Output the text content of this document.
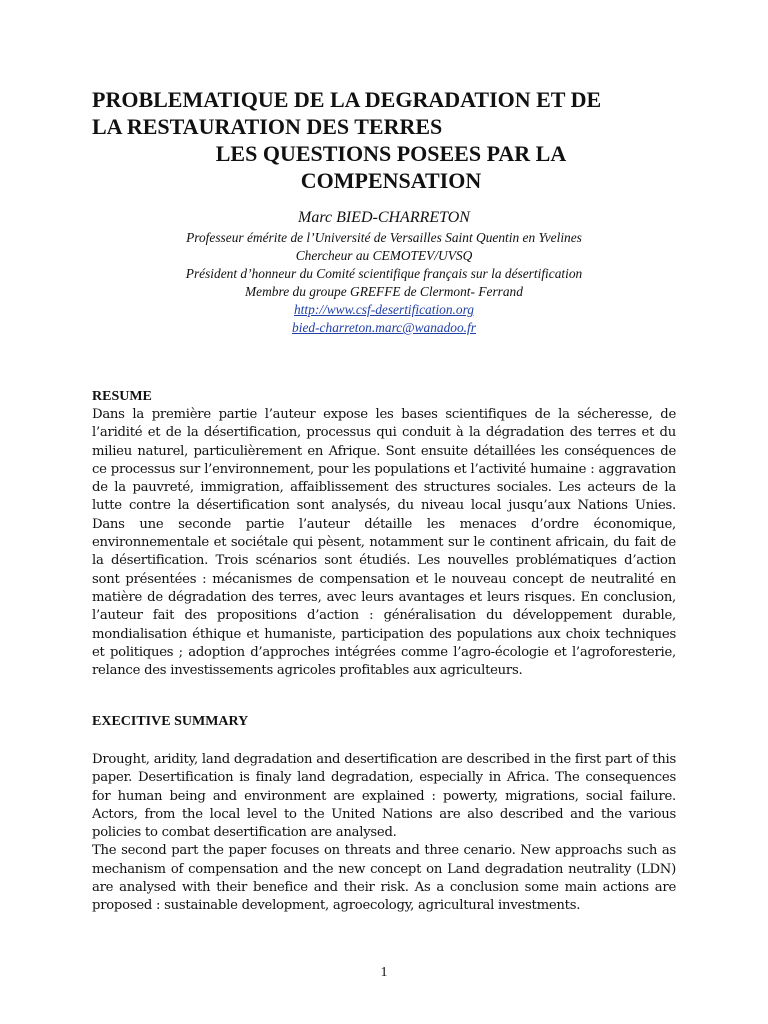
PROBLEMATIQUE DE LA DEGRADATION ET DE
LA RESTAURATION DES TERRES
LES QUESTIONS POSEES PAR LA
COMPENSATION
Marc BIED-CHARRETON
Professeur émérite de l’Université de Versailles Saint Quentin en Yvelines
Chercheur au CEMOTEV/UVSQ
Président d’honneur du Comité scientifique français sur la désertification
Membre du groupe GREFFE de Clermont- Ferrand
http://www.csf-desertification.org
bied-charreton.marc@wanadoo.fr
RESUME

Dans la première partie l’auteur expose les bases scientifiques de la sécheresse, de l’aridité et de la désertification, processus qui conduit à la dégradation des terres et du milieu naturel, particulièrement en Afrique. Sont ensuite détaillées les conséquences de ce processus sur l’environnement, pour les populations et l’activité humaine : aggravation de la pauvreté, immigration, affaiblissement des structures sociales. Les acteurs de la lutte contre la désertification sont analysés, du niveau local jusqu’aux Nations Unies. Dans une seconde partie l’auteur détaille les menaces d’ordre économique, environnementale et sociétale qui pèsent, notamment sur le continent africain, du fait de la désertification. Trois scénarios sont étudiés. Les nouvelles problématiques d’action sont présentées : mécanismes de compensation et le nouveau concept de neutralité en matière de dégradation des terres, avec leurs avantages et leurs risques. En conclusion, l’auteur fait des propositions d’action : généralisation du développement durable, mondialisation éthique et humaniste, participation des populations aux choix techniques et politiques ; adoption d’approches intégrées comme l’agro-écologie et l’agroforesterie, relance des investissements agricoles profitables aux agriculteurs.

EXECITIVE SUMMARY

Drought, aridity, land degradation and desertification are described in the first part of this paper. Desertification is finaly land degradation, especially in Africa. The consequences for human being and environment are explained : powerty, migrations, social failure. Actors, from the local level to the United Nations are also described and the various policies to combat desertification are analysed.

The second part the paper focuses on threats and three cenario. New approachs such as mechanism of compensation and the new concept on Land degradation neutrality (LDN) are analysed with their benefice and their risk. As a conclusion some main actions are proposed : sustainable development, agroecology, agricultural investments.

1
